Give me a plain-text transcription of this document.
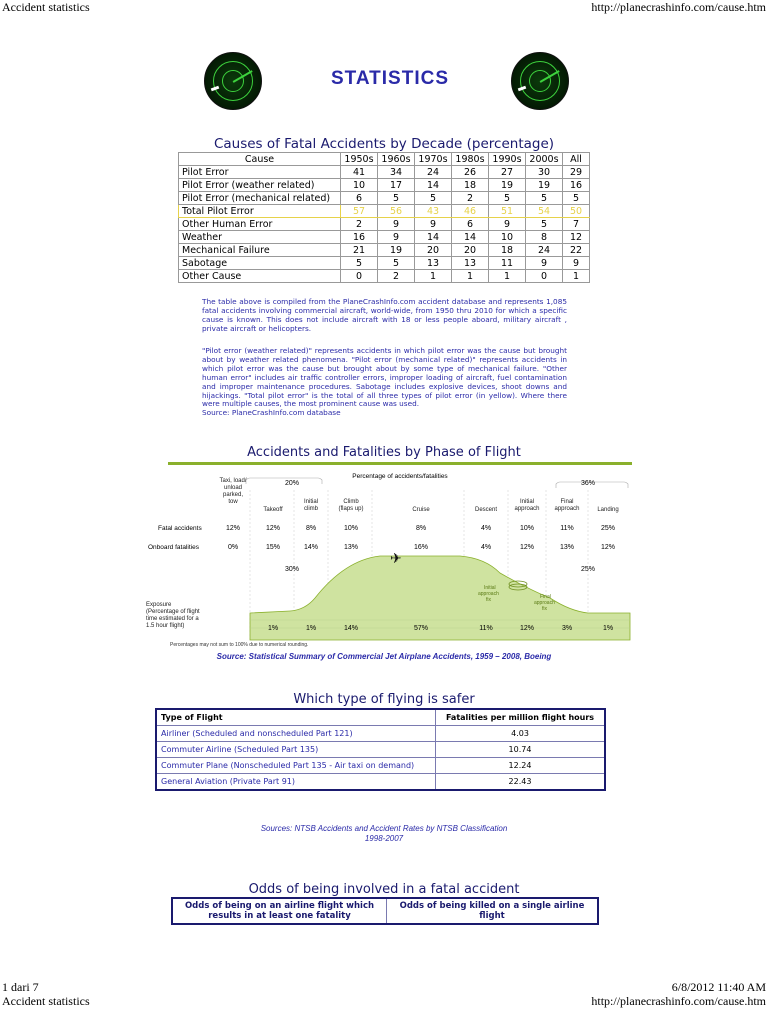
Accident statistics	http://planecrashinfo.com/cause.htm
STATISTICS
Causes of Fatal Accidents by Decade (percentage)
Cause	1950s	1960s	1970s	1980s	1990s	2000s	All
Pilot Error	41	34	24	26	27	30	29
Pilot Error (weather related)	10	17	14	18	19	19	16
Pilot Error (mechanical related)	6	5	5	2	5	5	5
Total Pilot Error	57	56	43	46	51	54	50
Other Human Error	2	9	9	6	9	5	7
Weather	16	9	14	14	10	8	12
Mechanical Failure	21	19	20	20	18	24	22
Sabotage	5	5	13	13	11	9	9
Other Cause	0	2	1	1	1	0	1
The table above is compiled from the PlaneCrashInfo.com accident database and represents 1,085 fatal accidents involving commercial aircraft, world-wide, from 1950 thru 2010 for which a specific cause is known. This does not include aircraft with 18 or less people aboard, military aircraft , private aircraft or helicopters.
"Pilot error (weather related)" represents accidents in which pilot error was the cause but brought about by weather related phenomena. "Pilot error (mechanical related)" represents accidents in which pilot error was the cause but brought about by some type of mechanical failure. "Other human error" includes air traffic controller errors, improper loading of aircraft, fuel contamination and improper maintenance procedures. Sabotage includes explosive devices, shoot downs and hijackings. "Total pilot error" is the total of all three types of pilot error (in yellow). Where there were multiple causes, the most prominent cause was used.
Source: PlaneCrashInfo.com database
Accidents and Fatalities by Phase of Flight
Percentage of accidents/fatalities
20%	36%
Taxi, load/ unload parked, tow
Takeoff
Initial climb
Climb (flaps up)	Cruise	Descent
Initial approach
Final approach	Landing
Fatal accidents
Onboard fatalities
Exposure (Percentage of flight time estimated for a 1.5 hour flight)
12%	12%	8%	10%	8%	4%	10%	11%	25%
0%	15%	14%	13%	16%	4%	12%	13%	12%
30%	25%
✈
Initial approach fix	Final approach fix
1%	1%	14%	57%	11%	12%	3%	1%
Percentages may not sum to 100% due to numerical rounding.
Source: Statistical Summary of Commercial Jet Airplane Accidents, 1959 – 2008, Boeing
Which type of flying is safer
Type of Flight	Fatalities per million flight hours
Airliner (Scheduled and nonscheduled Part 121)	4.03
Commuter Airline (Scheduled Part 135)	10.74
Commuter Plane (Nonscheduled Part 135 - Air taxi on demand)	12.24
General Aviation (Private Part 91)	22.43
Sources: NTSB Accidents and Accident Rates by NTSB Classification
1998-2007
Odds of being involved in a fatal accident
Odds of being on an airline flight which results in at least one fatality	Odds of being killed on a single airline flight
1 dari 7	6/8/2012 11:40 AM
Accident statistics	http://planecrashinfo.com/cause.htm
